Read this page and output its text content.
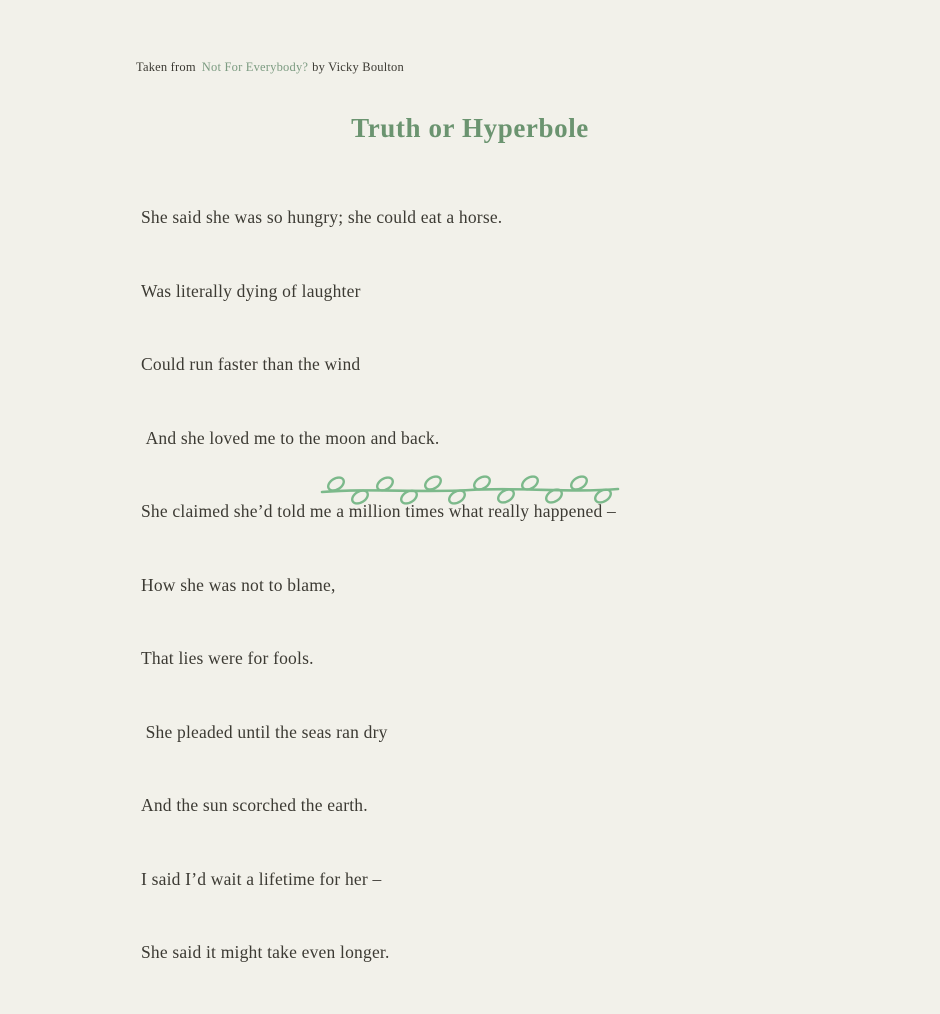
Taken from Not For Everybody? by Vicky Boulton
Truth or Hyperbole

She said she was so hungry; she could eat a horse.

Was literally dying of laughter

Could run faster than the wind

And she loved me to the moon and back.

She claimed she’d told me a million times what really happened –

How she was not to blame,

That lies were for fools.

She pleaded until the seas ran dry

And the sun scorched the earth.

I said I’d wait a lifetime for her –

She said it might take even longer.
